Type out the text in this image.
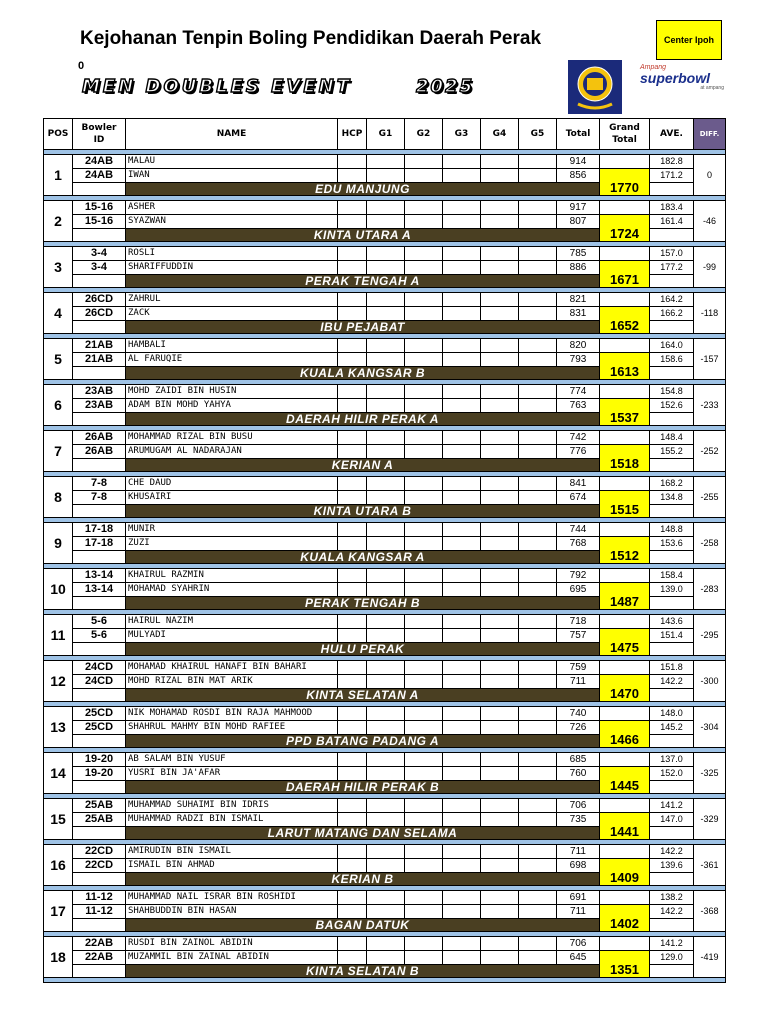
Kejohanan Tenpin Boling Pendidikan Daerah Perak
0
MEN DOUBLES EVENT	2025
Center Ipoh
Ampang
superbowl
at ampang
POS	Bowler
ID	NAME	HCP	G1	G2	G3	G4	G5	Total	Grand
Total	AVE.	DIFF.	

1	24AB	MALAU							914		182.8	0	
	24AB	IWAN							856	1770	171.2		
		EDU MANJUNG											

2	15-16	ASHER							917		183.4	-46	
	15-16	SYAZWAN							807	1724	161.4		
		KINTA UTARA A											

3	3-4	ROSLI							785		157.0	-99	
	3-4	SHARIFFUDDIN							886	1671	177.2		
		PERAK TENGAH A											

4	26CD	ZAHRUL							821		164.2	-118	
	26CD	ZACK							831	1652	166.2		
		IBU PEJABAT											

5	21AB	HAMBALI							820		164.0	-157	
	21AB	AL FARUQIE							793	1613	158.6		
		KUALA KANGSAR B											

6	23AB	MOHD ZAIDI BIN HUSIN							774		154.8	-233	
	23AB	ADAM BIN MOHD YAHYA							763	1537	152.6		
		DAERAH HILIR PERAK A											

7	26AB	MOHAMMAD RIZAL BIN BUSU							742		148.4	-252	
	26AB	ARUMUGAM AL NADARAJAN							776	1518	155.2		
		KERIAN A											

8	7-8	CHE DAUD							841		168.2	-255	
	7-8	KHUSAIRI							674	1515	134.8		
		KINTA UTARA B											

9	17-18	MUNIR							744		148.8	-258	
	17-18	ZUZI							768	1512	153.6		
		KUALA KANGSAR A											

10	13-14	KHAIRUL RAZMIN							792		158.4	-283	
	13-14	MOHAMAD SYAHRIN							695	1487	139.0		
		PERAK TENGAH B											

11	5-6	HAIRUL NAZIM							718		143.6	-295	
	5-6	MULYADI							757	1475	151.4		
		HULU PERAK											

12	24CD	MOHAMAD KHAIRUL HANAFI BIN BAHARI							759		151.8	-300	
	24CD	MOHD RIZAL BIN MAT ARIK							711	1470	142.2		
		KINTA SELATAN A											

13	25CD	NIK MOHAMAD ROSDI BIN RAJA MAHMOOD							740		148.0	-304	
	25CD	SHAHRUL MAHMY BIN MOHD RAFIEE							726	1466	145.2		
		PPD BATANG PADANG A											

14	19-20	AB SALAM BIN YUSUF							685		137.0	-325	
	19-20	YUSRI BIN JA'AFAR							760	1445	152.0		
		DAERAH HILIR PERAK B											

15	25AB	MUHAMMAD SUHAIMI BIN IDRIS							706		141.2	-329	
	25AB	MUHAMMAD RADZI BIN ISMAIL							735	1441	147.0		
		LARUT MATANG DAN SELAMA											

16	22CD	AMIRUDIN BIN ISMAIL							711		142.2	-361	
	22CD	ISMAIL BIN AHMAD							698	1409	139.6		
		KERIAN B											

17	11-12	MUHAMMAD NAIL ISRAR BIN ROSHIDI							691		138.2	-368	
	11-12	SHAHBUDDIN BIN HASAN							711	1402	142.2		
		BAGAN DATUK											

18	22AB	RUSDI BIN ZAINOL ABIDIN							706		141.2	-419	
	22AB	MUZAMMIL BIN ZAINAL ABIDIN							645	1351	129.0		
		KINTA SELATAN B											
